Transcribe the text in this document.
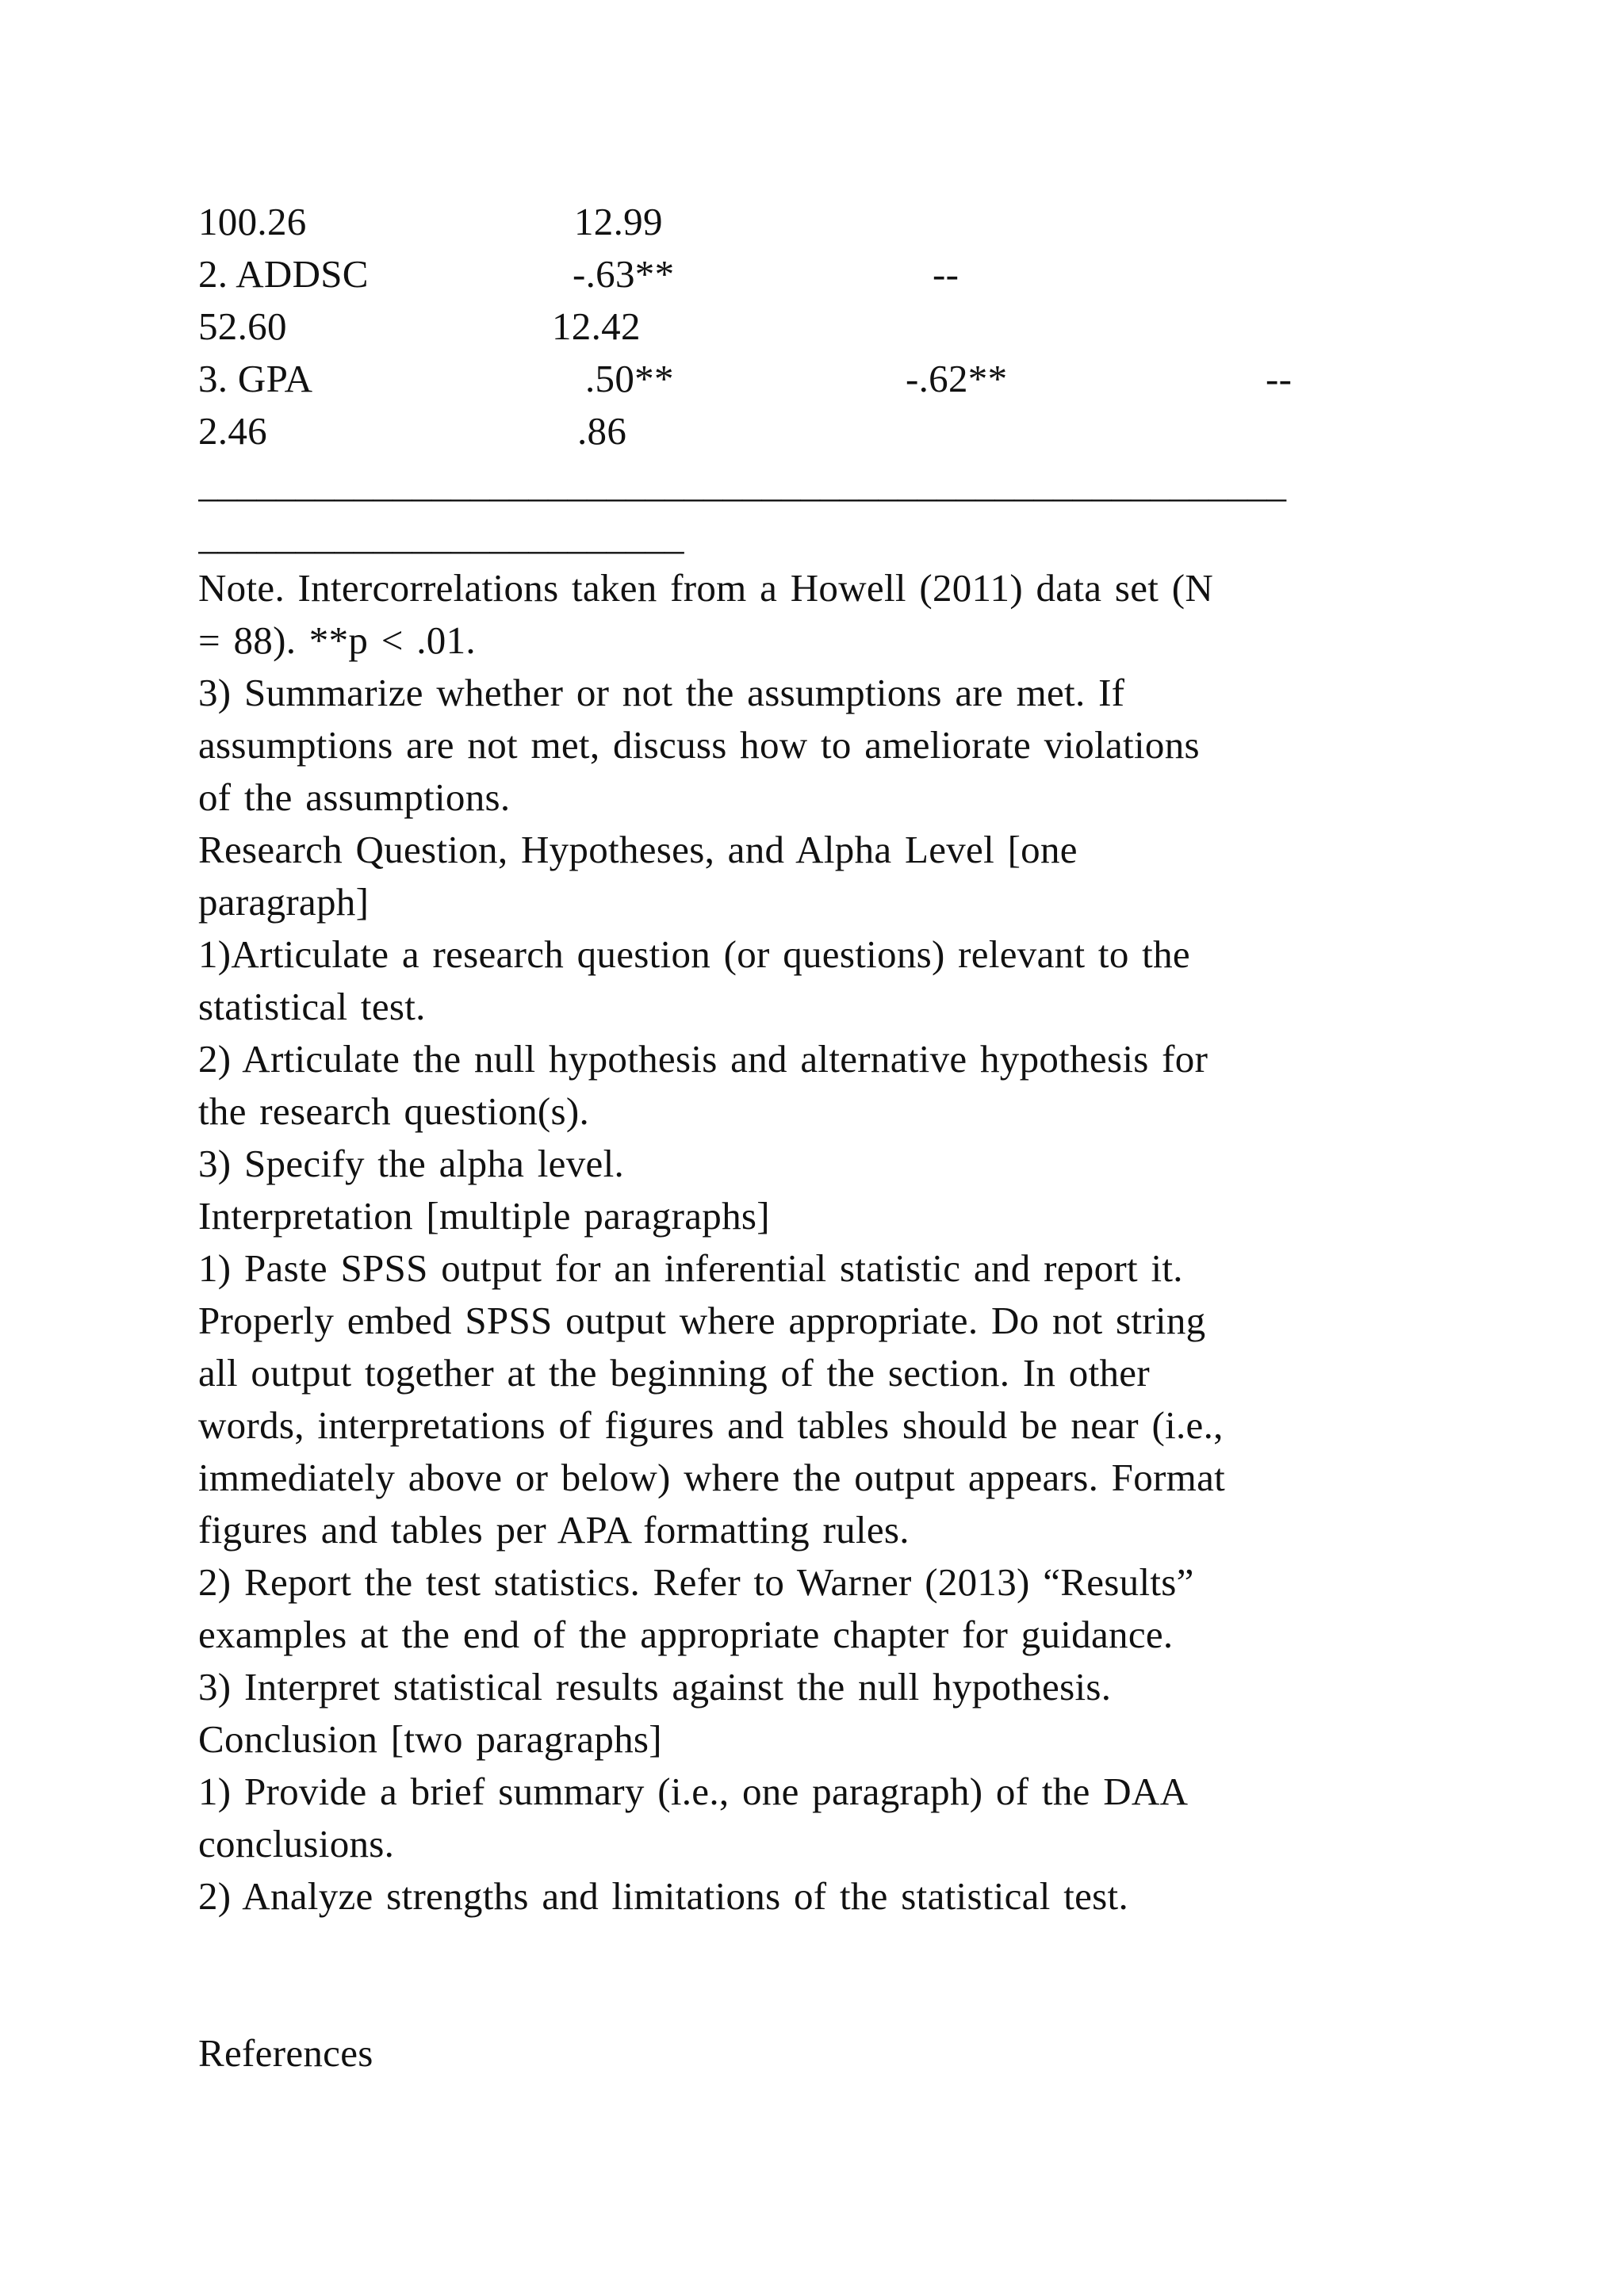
100.26	12.99
2. ADDSC	-.63**	--
52.60	12.42
3. GPA	.50**	-.62**	--
2.46	.86
________________________________________________________
_________________________
Note. Intercorrelations taken from a Howell (2011) data set (N
= 88). **p < .01.
3) Summarize whether or not the assumptions are met. If
assumptions are not met, discuss how to ameliorate violations
of the assumptions.
Research Question, Hypotheses, and Alpha Level [one
paragraph]
1)Articulate a research question (or questions) relevant to the
statistical test.
2) Articulate the null hypothesis and alternative hypothesis for
the research question(s).
3) Specify the alpha level.
Interpretation [multiple paragraphs]
1) Paste SPSS output for an inferential statistic and report it.
Properly embed SPSS output where appropriate. Do not string
all output together at the beginning of the section. In other
words, interpretations of figures and tables should be near (i.e.,
immediately above or below) where the output appears. Format
figures and tables per APA formatting rules.
2) Report the test statistics. Refer to Warner (2013) “Results”
examples at the end of the appropriate chapter for guidance.
3) Interpret statistical results against the null hypothesis.
Conclusion [two paragraphs]
1) Provide a brief summary (i.e., one paragraph) of the DAA
conclusions.
2) Analyze strengths and limitations of the statistical test.
References
